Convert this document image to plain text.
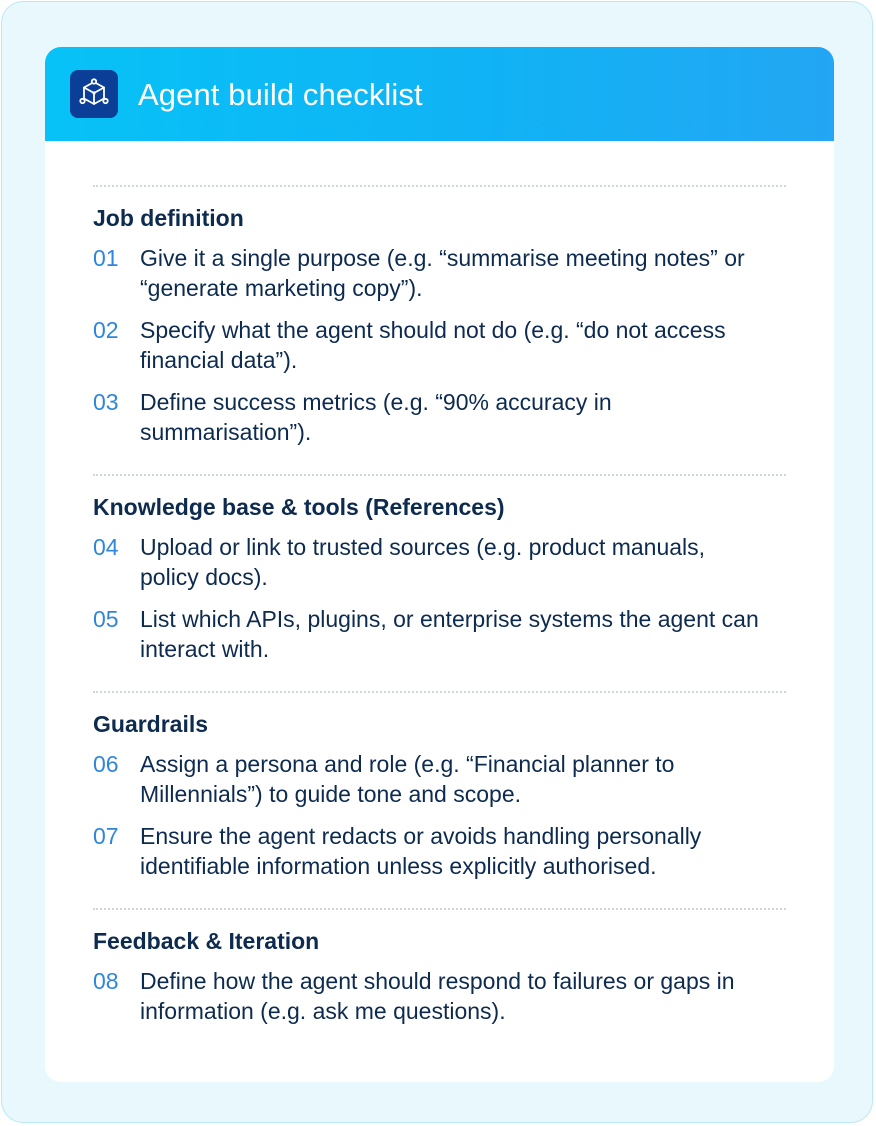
Agent build checklist
Job definition
01 Give it a single purpose (e.g. “summarise meeting notes” or “generate marketing copy”).
02 Specify what the agent should not do (e.g. “do not access financial data”).
03 Define success metrics (e.g. “90% accuracy in summarisation”).
Knowledge base & tools (References)
04 Upload or link to trusted sources (e.g. product manuals, policy docs).
05 List which APIs, plugins, or enterprise systems the agent can interact with.
Guardrails
06 Assign a persona and role (e.g. “Financial planner to Millennials”) to guide tone and scope.
07 Ensure the agent redacts or avoids handling personally identifiable information unless explicitly authorised.
Feedback & Iteration
08 Define how the agent should respond to failures or gaps in information (e.g. ask me questions).
